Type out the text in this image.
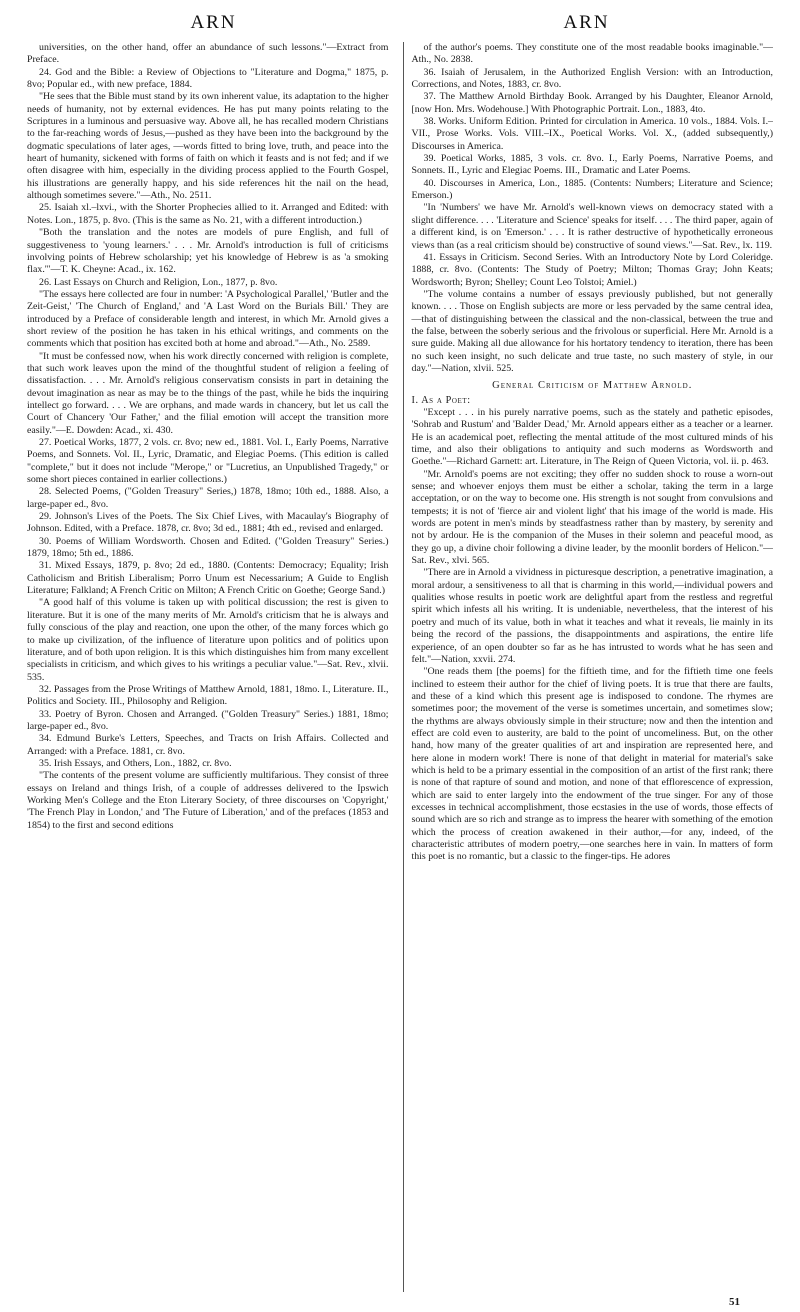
ARN	ARN

universities, on the other hand, offer an abundance of such lessons."—Extract from Preface.

24. God and the Bible: a Review of Objections to "Literature and Dogma," 1875, p. 8vo; Popular ed., with new preface, 1884.

"He sees that the Bible must stand by its own inherent value, its adaptation to the higher needs of humanity, not by external evidences. He has put many points relating to the Scriptures in a luminous and persuasive way. Above all, he has recalled modern Christians to the far-reaching words of Jesus,—pushed as they have been into the background by the dogmatic speculations of later ages, —words fitted to bring love, truth, and peace into the heart of humanity, sickened with forms of faith on which it feasts and is not fed; and if we often disagree with him, especially in the dividing process applied to the Fourth Gospel, his illustrations are generally happy, and his side references hit the nail on the head, although sometimes severe."—Ath., No. 2511.

25. Isaiah xl.–lxvi., with the Shorter Prophecies allied to it. Arranged and Edited: with Notes. Lon., 1875, p. 8vo. (This is the same as No. 21, with a different introduction.)

"Both the translation and the notes are models of pure English, and full of suggestiveness to 'young learners.' . . . Mr. Arnold's introduction is full of criticisms involving points of Hebrew scholarship; yet his knowledge of Hebrew is as 'a smoking flax.'"—T. K. Cheyne: Acad., ix. 162.

26. Last Essays on Church and Religion, Lon., 1877, p. 8vo.

"The essays here collected are four in number: 'A Psychological Parallel,' 'Butler and the Zeit-Geist,' 'The Church of England,' and 'A Last Word on the Burials Bill.' They are introduced by a Preface of considerable length and interest, in which Mr. Arnold gives a short review of the position he has taken in his ethical writings, and comments on the comments which that position has excited both at home and abroad."—Ath., No. 2589.

"It must be confessed now, when his work directly concerned with religion is complete, that such work leaves upon the mind of the thoughtful student of religion a feeling of dissatisfaction. . . . Mr. Arnold's religious conservatism consists in part in detaining the devout imagination as near as may be to the things of the past, while he bids the inquiring intellect go forward. . . . We are orphans, and made wards in chancery, but let us call the Court of Chancery 'Our Father,' and the filial emotion will accept the transition more easily."—E. Dowden: Acad., xi. 430.

27. Poetical Works, 1877, 2 vols. cr. 8vo; new ed., 1881. Vol. I., Early Poems, Narrative Poems, and Sonnets. Vol. II., Lyric, Dramatic, and Elegiac Poems. (This edition is called "complete," but it does not include "Merope," or "Lucretius, an Unpublished Tragedy," or some short pieces contained in earlier collections.)

28. Selected Poems, ("Golden Treasury" Series,) 1878, 18mo; 10th ed., 1888. Also, a large-paper ed., 8vo.

29. Johnson's Lives of the Poets. The Six Chief Lives, with Macaulay's Biography of Johnson. Edited, with a Preface. 1878, cr. 8vo; 3d ed., 1881; 4th ed., revised and enlarged.

30. Poems of William Wordsworth. Chosen and Edited. ("Golden Treasury" Series.) 1879, 18mo; 5th ed., 1886.

31. Mixed Essays, 1879, p. 8vo; 2d ed., 1880. (Contents: Democracy; Equality; Irish Catholicism and British Liberalism; Porro Unum est Necessarium; A Guide to English Literature; Falkland; A French Critic on Milton; A French Critic on Goethe; George Sand.)

"A good half of this volume is taken up with political discussion; the rest is given to literature. But it is one of the many merits of Mr. Arnold's criticism that he is always and fully conscious of the play and reaction, one upon the other, of the many forces which go to make up civilization, of the influence of literature upon politics and of politics upon literature, and of both upon religion. It is this which distinguishes him from many excellent specialists in criticism, and which gives to his writings a peculiar value."—Sat. Rev., xlvii. 535.

32. Passages from the Prose Writings of Matthew Arnold, 1881, 18mo. I., Literature. II., Politics and Society. III., Philosophy and Religion.

33. Poetry of Byron. Chosen and Arranged. ("Golden Treasury" Series.) 1881, 18mo; large-paper ed., 8vo.

34. Edmund Burke's Letters, Speeches, and Tracts on Irish Affairs. Collected and Arranged: with a Preface. 1881, cr. 8vo.

35. Irish Essays, and Others, Lon., 1882, cr. 8vo.

"The contents of the present volume are sufficiently multifarious. They consist of three essays on Ireland and things Irish, of a couple of addresses delivered to the Ipswich Working Men's College and the Eton Literary Society, of three discourses on 'Copyright,' 'The French Play in London,' and 'The Future of Liberation,' and of the prefaces (1853 and 1854) to the first and second editions

of the author's poems. They constitute one of the most readable books imaginable."—Ath., No. 2838.

36. Isaiah of Jerusalem, in the Authorized English Version: with an Introduction, Corrections, and Notes, 1883, cr. 8vo.

37. The Matthew Arnold Birthday Book. Arranged by his Daughter, Eleanor Arnold, [now Hon. Mrs. Wodehouse.] With Photographic Portrait. Lon., 1883, 4to.

38. Works. Uniform Edition. Printed for circulation in America. 10 vols., 1884. Vols. I.–VII., Prose Works. Vols. VIII.–IX., Poetical Works. Vol. X., (added subsequently,) Discourses in America.

39. Poetical Works, 1885, 3 vols. cr. 8vo. I., Early Poems, Narrative Poems, and Sonnets. II., Lyric and Elegiac Poems. III., Dramatic and Later Poems.

40. Discourses in America, Lon., 1885. (Contents: Numbers; Literature and Science; Emerson.)

"In 'Numbers' we have Mr. Arnold's well-known views on democracy stated with a slight difference. . . . 'Literature and Science' speaks for itself. . . . The third paper, again of a different kind, is on 'Emerson.' . . . It is rather destructive of hypothetically erroneous views than (as a real criticism should be) constructive of sound views."—Sat. Rev., lx. 119.

41. Essays in Criticism. Second Series. With an Introductory Note by Lord Coleridge. 1888, cr. 8vo. (Contents: The Study of Poetry; Milton; Thomas Gray; John Keats; Wordsworth; Byron; Shelley; Count Leo Tolstoi; Amiel.)

"The volume contains a number of essays previously published, but not generally known. . . . Those on English subjects are more or less pervaded by the same central idea,—that of distinguishing between the classical and the non-classical, between the true and the false, between the soberly serious and the frivolous or superficial. Here Mr. Arnold is a sure guide. Making all due allowance for his hortatory tendency to iteration, there has been no such keen insight, no such delicate and true taste, no such mastery of style, in our day."—Nation, xlvii. 525.

General Criticism of Matthew Arnold.
I. As a Poet:

"Except . . . in his purely narrative poems, such as the stately and pathetic episodes, 'Sohrab and Rustum' and 'Balder Dead,' Mr. Arnold appears either as a teacher or a learner. He is an academical poet, reflecting the mental attitude of the most cultured minds of his time, and also their obligations to antiquity and such moderns as Wordsworth and Goethe."—Richard Garnett: art. Literature, in The Reign of Queen Victoria, vol. ii. p. 463.

"Mr. Arnold's poems are not exciting; they offer no sudden shock to rouse a worn-out sense; and whoever enjoys them must be either a scholar, taking the term in a large acceptation, or on the way to become one. His strength is not sought from convulsions and tempests; it is not of 'fierce air and violent light' that his image of the world is made. His words are potent in men's minds by steadfastness rather than by mastery, by serenity and not by ardour. He is the companion of the Muses in their solemn and peaceful mood, as they go up, a divine choir following a divine leader, by the moonlit borders of Helicon."—Sat. Rev., xlvi. 565.

"There are in Arnold a vividness in picturesque description, a penetrative imagination, a moral ardour, a sensitiveness to all that is charming in this world,—individual powers and qualities whose results in poetic work are delightful apart from the restless and regretful spirit which infests all his writing. It is undeniable, nevertheless, that the interest of his poetry and much of its value, both in what it teaches and what it reveals, lie mainly in its being the record of the passions, the disappointments and aspirations, the entire life experience, of an open doubter so far as he has intrusted to words what he has seen and felt."—Nation, xxvii. 274.

"One reads them [the poems] for the fiftieth time, and for the fiftieth time one feels inclined to esteem their author for the chief of living poets. It is true that there are faults, and these of a kind which this present age is indisposed to condone. The rhymes are sometimes poor; the movement of the verse is sometimes uncertain, and sometimes slow; the rhythms are always obviously simple in their structure; now and then the intention and effect are cold even to austerity, are bald to the point of uncomeliness. But, on the other hand, how many of the greater qualities of art and inspiration are represented here, and here alone in modern work! There is none of that delight in material for material's sake which is held to be a primary essential in the composition of an artist of the first rank; there is none of that rapture of sound and motion, and none of that efflorescence of expression, which are said to enter largely into the endowment of the true singer. For any of those excesses in technical accomplishment, those ecstasies in the use of words, those effects of sound which are so rich and strange as to impress the hearer with something of the emotion which the process of creation awakened in their author,—for any, indeed, of the characteristic attributes of modern poetry,—one searches here in vain. In matters of form this poet is no romantic, but a classic to the finger-tips. He adores

51
